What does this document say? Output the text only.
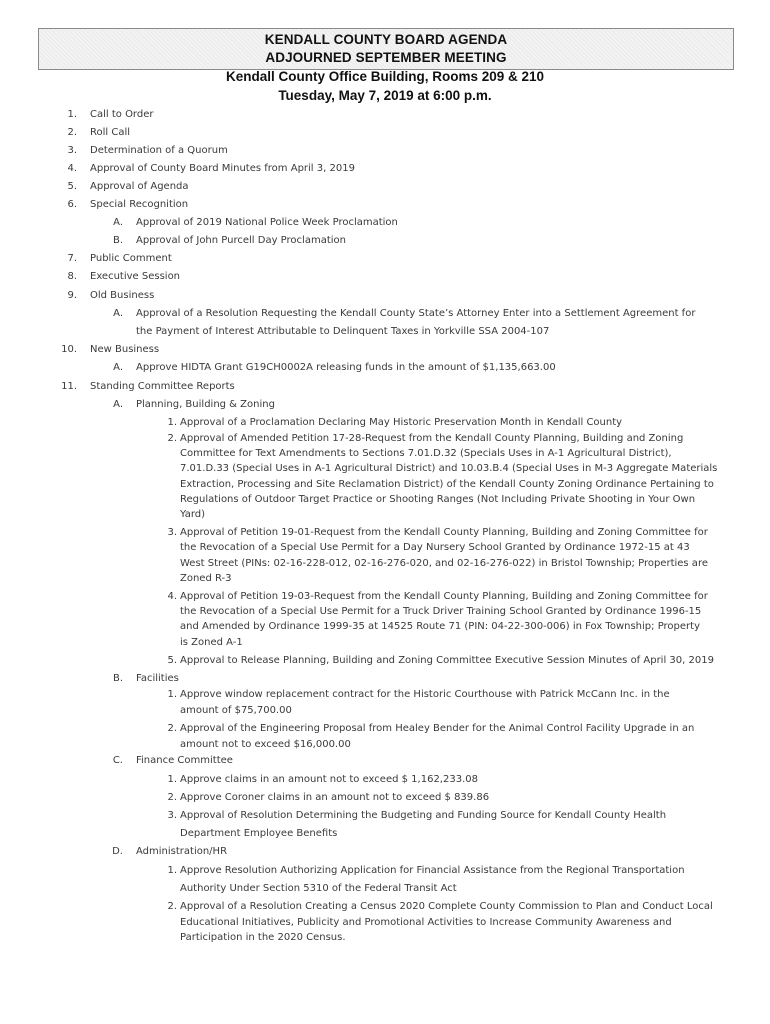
KENDALL COUNTY BOARD AGENDA
ADJOURNED SEPTEMBER MEETING
Kendall County Office Building, Rooms 209 & 210
Tuesday, May 7, 2019 at 6:00 p.m.
1. Call to Order
2. Roll Call
3. Determination of a Quorum
4. Approval of County Board Minutes from April 3, 2019
5. Approval of Agenda
6. Special Recognition
A. Approval of 2019 National Police Week Proclamation
B. Approval of John Purcell Day Proclamation
7. Public Comment
8. Executive Session
9. Old Business
A. Approval of a Resolution Requesting the Kendall County State’s Attorney Enter into a Settlement Agreement for
the Payment of Interest Attributable to Delinquent Taxes in Yorkville SSA 2004-107
10. New Business
A. Approve HIDTA Grant G19CH0002A releasing funds in the amount of $1,135,663.00
11. Standing Committee Reports
A. Planning, Building & Zoning
1. Approval of a Proclamation Declaring May Historic Preservation Month in Kendall County
2. Approval of Amended Petition 17-28-Request from the Kendall County Planning, Building and Zoning
Committee for Text Amendments to Sections 7.01.D.32 (Specials Uses in A-1 Agricultural District),
7.01.D.33 (Special Uses in A-1 Agricultural District) and 10.03.B.4 (Special Uses in M-3 Aggregate Materials
Extraction, Processing and Site Reclamation District) of the Kendall County Zoning Ordinance Pertaining to
Regulations of Outdoor Target Practice or Shooting Ranges (Not Including Private Shooting in Your Own
Yard)
3. Approval of Petition 19-01-Request from the Kendall County Planning, Building and Zoning Committee for
the Revocation of a Special Use Permit for a Day Nursery School Granted by Ordinance 1972-15 at 43
West Street (PINs: 02-16-228-012, 02-16-276-020, and 02-16-276-022) in Bristol Township; Properties are
Zoned R-3
4. Approval of Petition 19-03-Request from the Kendall County Planning, Building and Zoning Committee for
the Revocation of a Special Use Permit for a Truck Driver Training School Granted by Ordinance 1996-15
and Amended by Ordinance 1999-35 at 14525 Route 71 (PIN: 04-22-300-006) in Fox Township; Property
is Zoned A-1
5. Approval to Release Planning, Building and Zoning Committee Executive Session Minutes of April 30, 2019
B. Facilities
1. Approve window replacement contract for the Historic Courthouse with Patrick McCann Inc. in the
amount of $75,700.00
2. Approval of the Engineering Proposal from Healey Bender for the Animal Control Facility Upgrade in an
amount not to exceed $16,000.00
C. Finance Committee
1. Approve claims in an amount not to exceed $ 1,162,233.08
2. Approve Coroner claims in an amount not to exceed $ 839.86
3. Approval of Resolution Determining the Budgeting and Funding Source for Kendall County Health
Department Employee Benefits
D. Administration/HR
1. Approve Resolution Authorizing Application for Financial Assistance from the Regional Transportation
Authority Under Section 5310 of the Federal Transit Act
2. Approval of a Resolution Creating a Census 2020 Complete County Commission to Plan and Conduct Local
Educational Initiatives, Publicity and Promotional Activities to Increase Community Awareness and
Participation in the 2020 Census.
